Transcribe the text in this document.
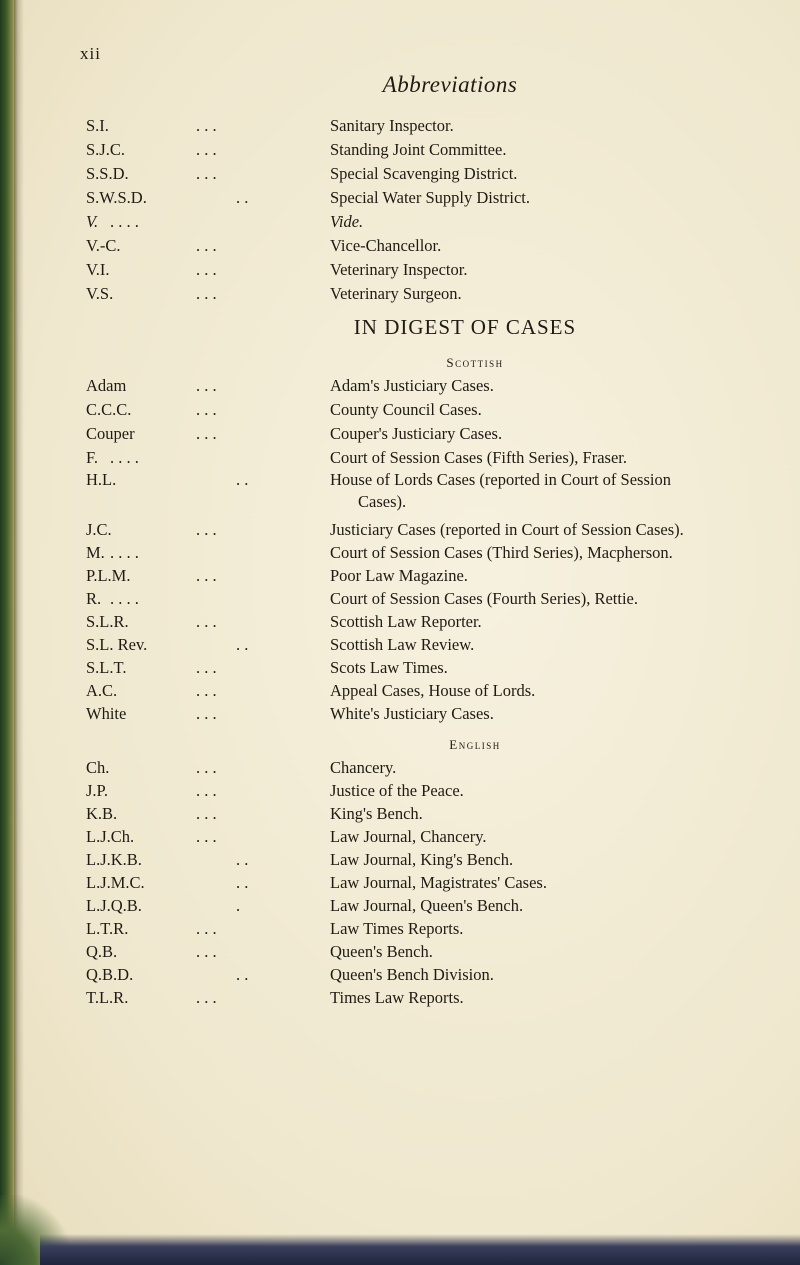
xii
Abbreviations
S.I.	. . .	Sanitary Inspector.
S.J.C.	. . .	Standing Joint Committee.
S.S.D.	. . .	Special Scavenging District.
S.W.S.D.	. .	Special Water Supply District.
V. . . . .	Vide.
V.-C.	. . .	Vice-Chancellor.
V.I.	. . .	Veterinary Inspector.
V.S.	. . .	Veterinary Surgeon.
IN DIGEST OF CASES
Scottish
Adam	. . .	Adam's Justiciary Cases.
C.C.C.	. . .	County Council Cases.
Couper	. . .	Couper's Justiciary Cases.
F. . . . .	Court of Session Cases (Fifth Series), Fraser.
H.L.	. .	House of Lords Cases (reported in Court of Session
Cases).
J.C.	. . .	Justiciary Cases (reported in Court of Session Cases).
M. . . . .	Court of Session Cases (Third Series), Macpherson.
P.L.M.	. . .	Poor Law Magazine.
R. . . . .	Court of Session Cases (Fourth Series), Rettie.
S.L.R.	. . .	Scottish Law Reporter.
S.L. Rev.	. .	Scottish Law Review.
S.L.T.	. . .	Scots Law Times.
A.C.	. . .	Appeal Cases, House of Lords.
White	. . .	White's Justiciary Cases.
English
Ch.	. . .	Chancery.
J.P.	. . .	Justice of the Peace.
K.B.	. . .	King's Bench.
L.J.Ch.	. . .	Law Journal, Chancery.
L.J.K.B.	. .	Law Journal, King's Bench.
L.J.M.C.	. .	Law Journal, Magistrates' Cases.
L.J.Q.B.	.	Law Journal, Queen's Bench.
L.T.R.	. . .	Law Times Reports.
Q.B.	. . .	Queen's Bench.
Q.B.D.	. .	Queen's Bench Division.
T.L.R.	. . .	Times Law Reports.
